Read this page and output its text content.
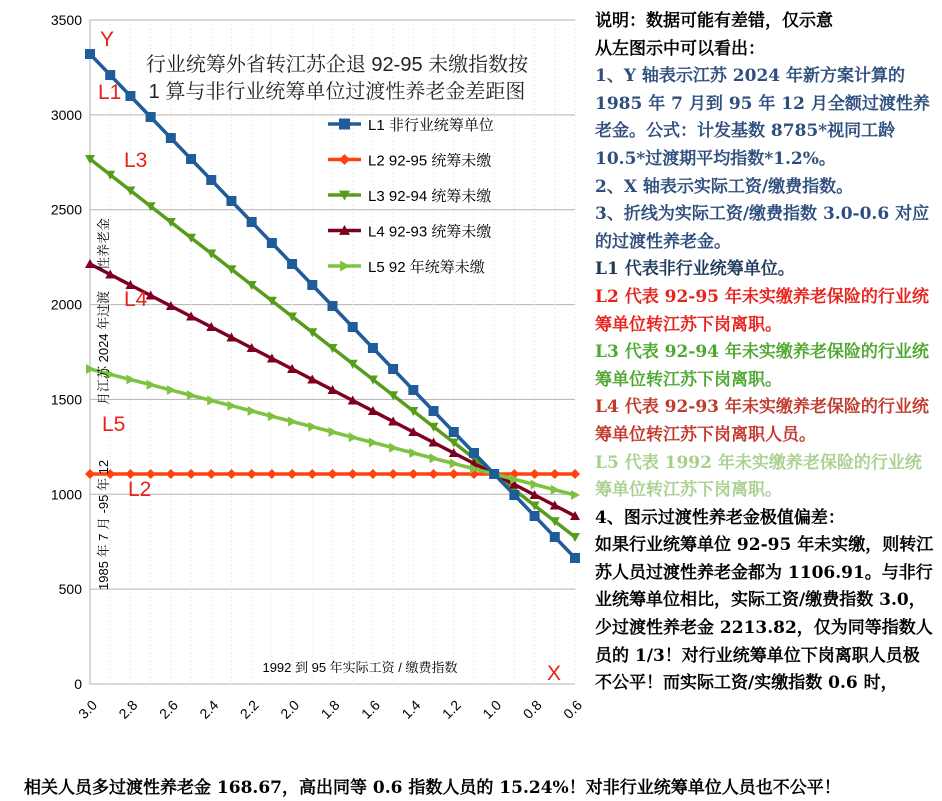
0
500
1000
1500
2000
2500
3000
3500
3.0 2.8 2.6 2.4 2.2 2.0 1.8 1.6 1.4 1.2 1.0 0.8 0.6
L1
L2
L3
L4
L5
L1 非行业统筹单位
L2 92-95 统筹未缴
L3 92-94 统筹未缴
L4 92-93 统筹未缴
L5 92 年统筹未缴
行业统筹外省转江苏企退 92-95 未缴指数按
1 算与非行业统筹单位过渡性养老金差距图
1992 到 95 年实际工资 / 缴费指数
1985 年 7 月 -95 年 12
月江苏 2024 年过渡
性养老金
Y
X
说明：数据可能有差错，仅示意
从左图示中可以看出：
1、Y 轴表示江苏 2024 年新方案计算的 1985 年 7 月到 95 年 12 月全额过渡性养老金。公式：计发基数 8785*视同工龄 10.5*过渡期平均指数*1.2%。
2、X 轴表示实际工资/缴费指数。
3、折线为实际工资/缴费指数 3.0-0.6 对应的过渡性养老金。
L1 代表非行业统筹单位。
L2 代表 92-95 年未实缴养老保险的行业统筹单位转江苏下岗离职。
L3 代表 92-94 年未实缴养老保险的行业统筹单位转江苏下岗离职。
L4 代表 92-93 年未实缴养老保险的行业统筹单位转江苏下岗离职人员。
L5 代表 1992 年未实缴养老保险的行业统筹单位转江苏下岗离职。
4、图示过渡性养老金极值偏差：
如果行业统筹单位 92-95 年未实缴，则转江苏人员过渡性养老金都为 1106.91。与非行业统筹单位相比，实际工资/缴费指数 3.0，少过渡性养老金 2213.82，仅为同等指数人员的 1/3！对行业统筹单位下岗离职人员极不公平！而实际工资/实缴指数 0.6 时，
相关人员多过渡性养老金 168.67，高出同等 0.6 指数人员的 15.24%！对非行业统筹单位人员也不公平！
